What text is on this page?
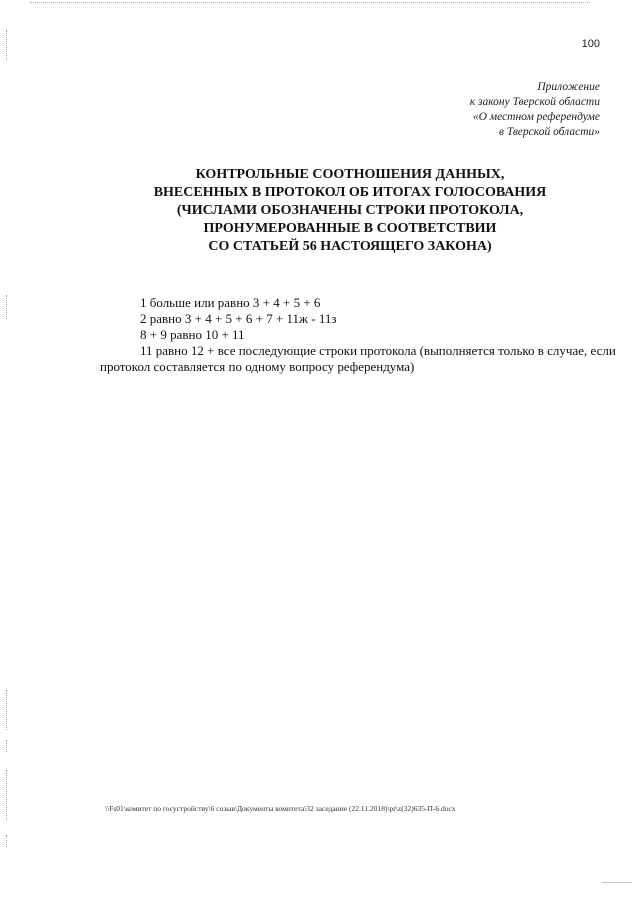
100
Приложение
к закону Тверской области
«О местном референдуме
в Тверской области»
КОНТРОЛЬНЫЕ СООТНОШЕНИЯ ДАННЫХ,
ВНЕСЕННЫХ В ПРОТОКОЛ ОБ ИТОГАХ ГОЛОСОВАНИЯ
(ЧИСЛАМИ ОБОЗНАЧЕНЫ СТРОКИ ПРОТОКОЛА,
ПРОНУМЕРОВАННЫЕ В СООТВЕТСТВИИ
СО СТАТЬЕЙ 56 НАСТОЯЩЕГО ЗАКОНА)
1 больше или равно 3 + 4 + 5 + 6
2 равно 3 + 4 + 5 + 6 + 7 + 11ж - 11з
8 + 9 равно 10 + 11
11 равно 12 + все последующие строки протокола (выполняется только в случае, если протокол составляется по одному вопросу референдума)
\\Fs01\комитет по госустройству\6 созыв\Документы комитета\32 заседание (22.11.2018)\pr\z(32)635-П-6.docx
